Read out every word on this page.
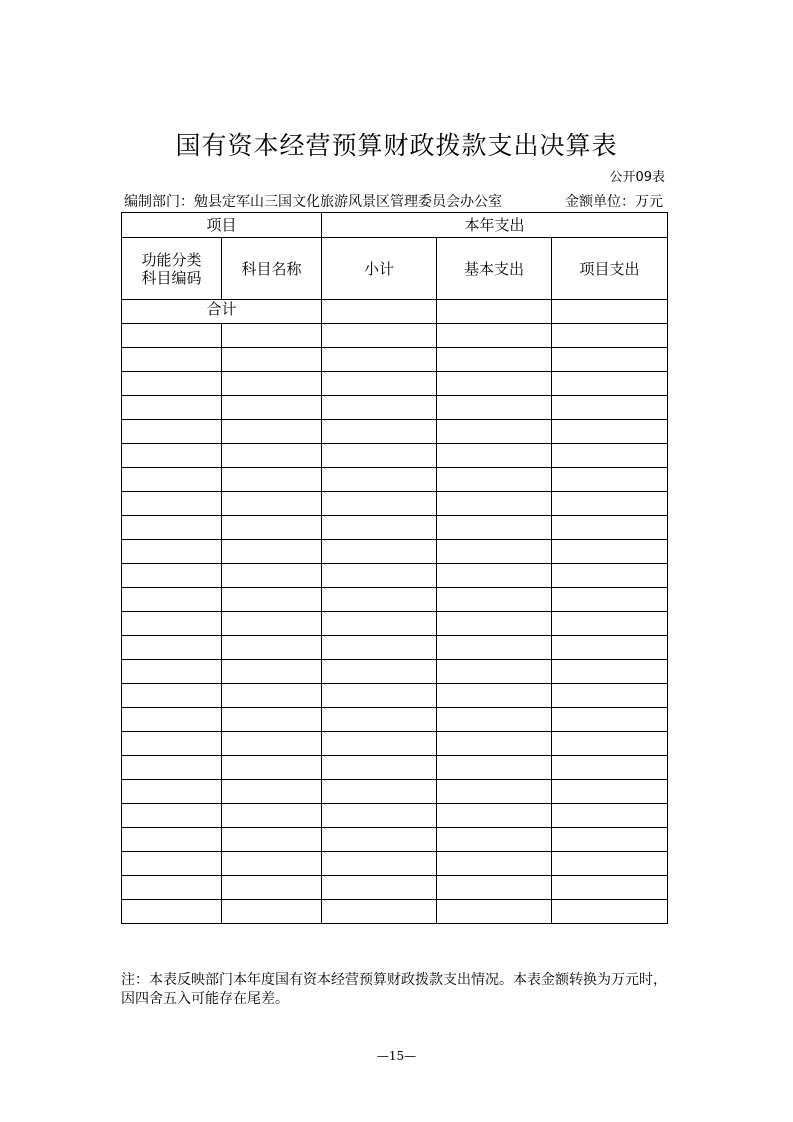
国有资本经营预算财政拨款支出决算表
公开09表
编制部门：勉县定军山三国文化旅游风景区管理委员会办公室	金额单位：万元
项目		本年支出		

功能分类
科目编码	科目名称	小计	基本支出	项目支出
合计				

注：本表反映部门本年度国有资本经营预算财政拨款支出情况。本表金额转换为万元时，因四舍五入可能存在尾差。
—15—
